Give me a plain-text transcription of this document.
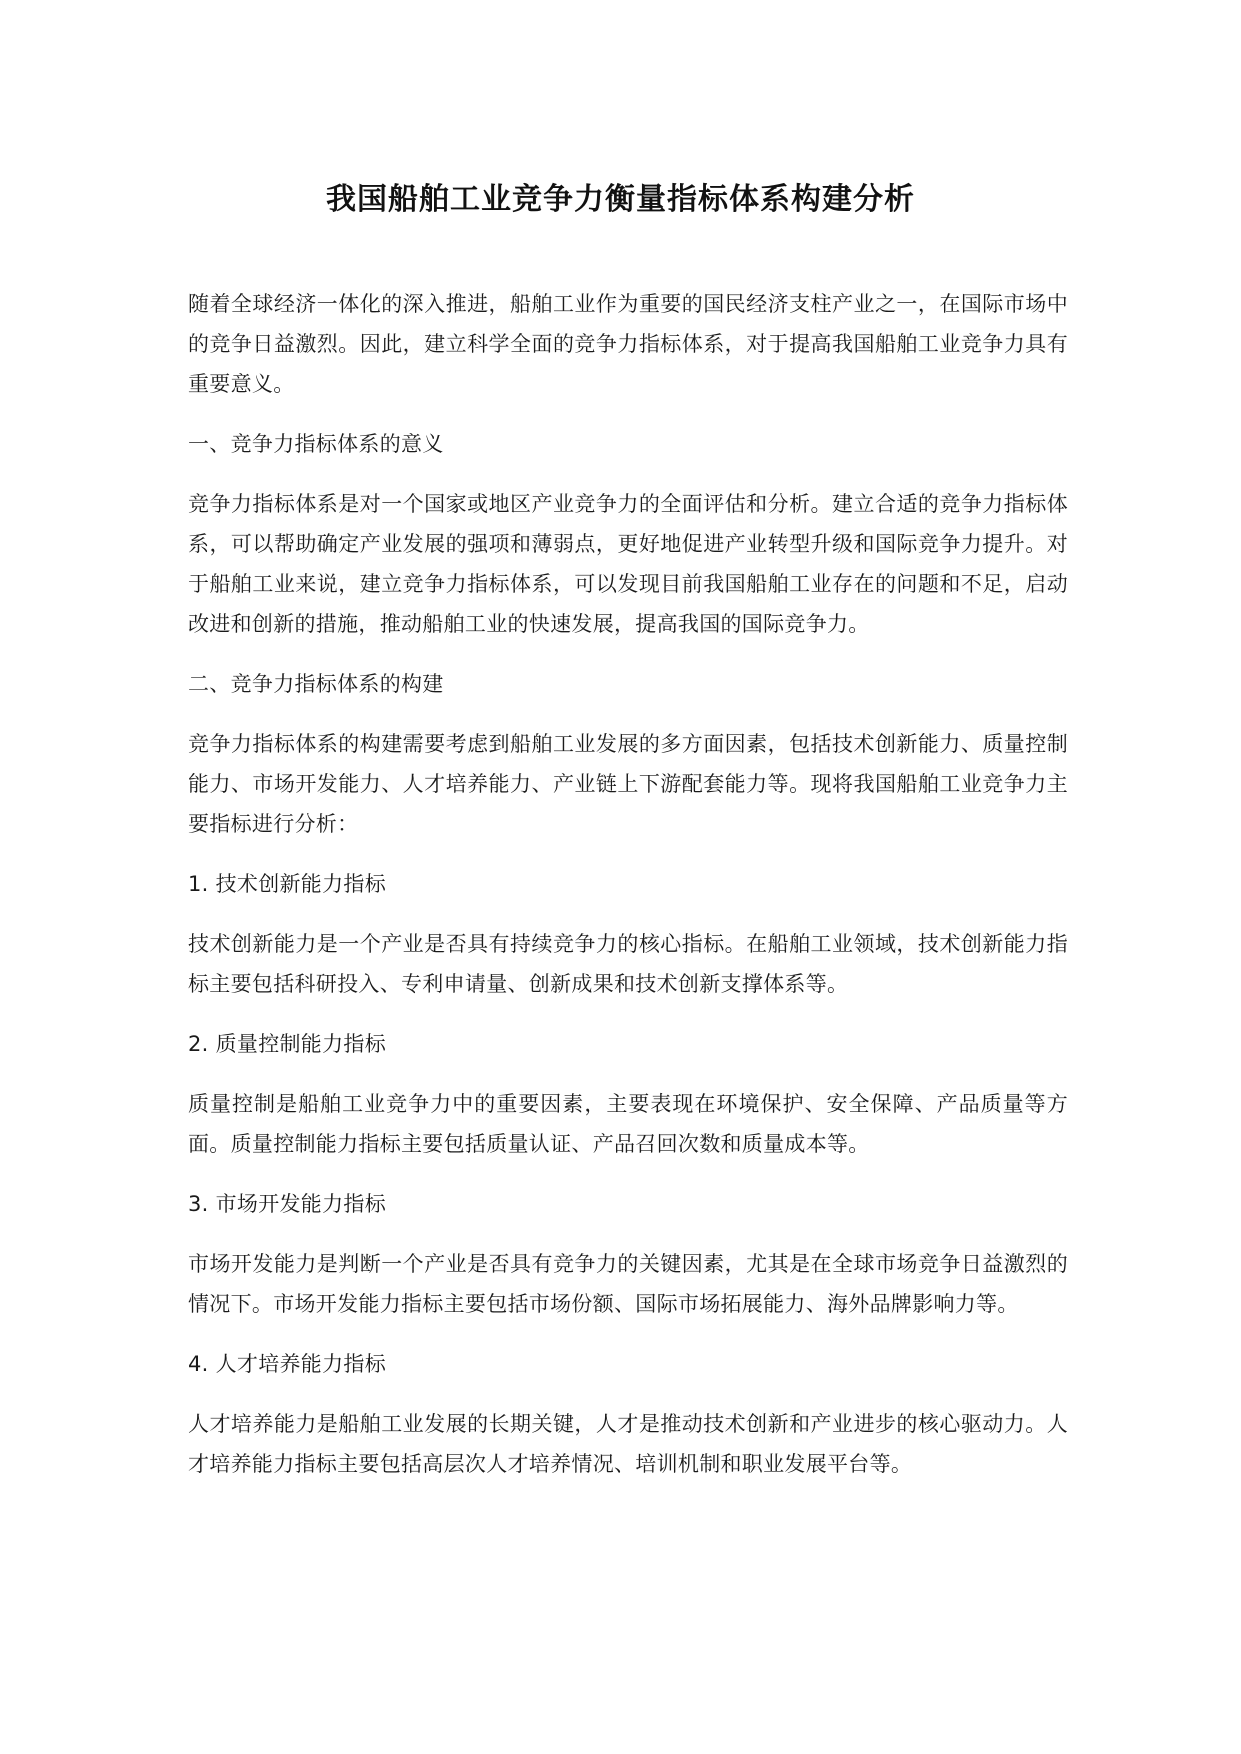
我国船舶工业竞争力衡量指标体系构建分析

随着全球经济一体化的深入推进，船舶工业作为重要的国民经济支柱产业之一，在国际市场中的竞争日益激烈。因此，建立科学全面的竞争力指标体系，对于提高我国船舶工业竞争力具有重要意义。

一、竞争力指标体系的意义

竞争力指标体系是对一个国家或地区产业竞争力的全面评估和分析。建立合适的竞争力指标体系，可以帮助确定产业发展的强项和薄弱点，更好地促进产业转型升级和国际竞争力提升。对于船舶工业来说，建立竞争力指标体系，可以发现目前我国船舶工业存在的问题和不足，启动改进和创新的措施，推动船舶工业的快速发展，提高我国的国际竞争力。

二、竞争力指标体系的构建

竞争力指标体系的构建需要考虑到船舶工业发展的多方面因素，包括技术创新能力、质量控制能力、市场开发能力、人才培养能力、产业链上下游配套能力等。现将我国船舶工业竞争力主要指标进行分析：

1. 技术创新能力指标

技术创新能力是一个产业是否具有持续竞争力的核心指标。在船舶工业领域，技术创新能力指标主要包括科研投入、专利申请量、创新成果和技术创新支撑体系等。

2. 质量控制能力指标

质量控制是船舶工业竞争力中的重要因素，主要表现在环境保护、安全保障、产品质量等方面。质量控制能力指标主要包括质量认证、产品召回次数和质量成本等。

3. 市场开发能力指标

市场开发能力是判断一个产业是否具有竞争力的关键因素，尤其是在全球市场竞争日益激烈的情况下。市场开发能力指标主要包括市场份额、国际市场拓展能力、海外品牌影响力等。

4. 人才培养能力指标

人才培养能力是船舶工业发展的长期关键，人才是推动技术创新和产业进步的核心驱动力。人才培养能力指标主要包括高层次人才培养情况、培训机制和职业发展平台等。
